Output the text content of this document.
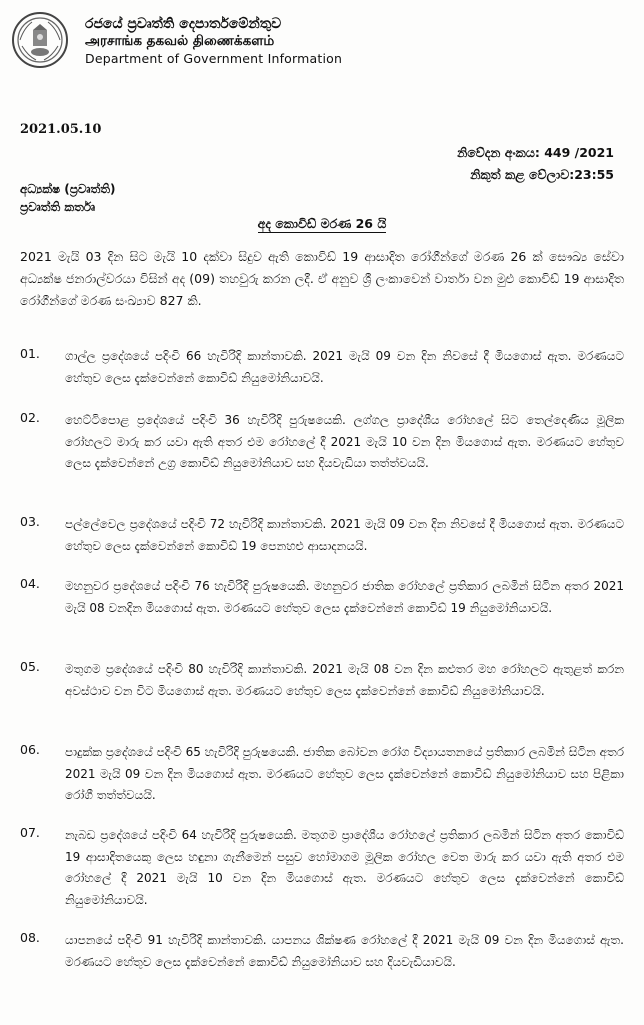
රජයේ ප්‍රවෘත්ති දෙපාර්තමේන්තුව
அரசாங்க தகவல் திணைக்களம்
Department of Government Information
2021.05.10
නිවේදන අංකය: 449 /2021
නිකුත් කළ වේලාව:23:55
අධ්‍යක්ෂ (ප්‍රවෘත්ති)
ප්‍රවෘත්ති කර්තෘ
අද කොවිඩ් මරණ 26 යි
2021 මැයි 03 දින සිට මැයි 10 දක්වා සිදුව ඇති කොවිඩ් 19 ආසාදිත රෝගීන්ගේ මරණ 26 ක් සෞඛ්‍ය සේවා අධ්‍යක්ෂ ජනරාල්වරයා විසින් අද (09) තහවුරු කරන ලදී. ඒ අනුව ශ්‍රී ලංකාවෙන් වාර්තා වන මුළු කොවිඩ් 19 ආසාදිත රෝගීන්ගේ මරණ සංඛ්‍යාව 827 කි.
01. ගාල්ල ප්‍රදේශයේ පදිංචි 66 හැවිරිදි කාන්තාවකි. 2021 මැයි 09 වන දින නිවසේ දී මියගොස් ඇත. මරණයට හේතුව ලෙස දැක්වෙන්නේ කොවිඩ් නියුමෝනියාවයි.
02. හෙට්ටිපොළ ප්‍රදේශයේ පදිංචි 36 හැවිරිදි පුරුෂයෙකි. ලග්ගල ප්‍රාදේශීය රෝහලේ සිට තෙල්දෙණිය මූලික රෝහලට මාරු කර යවා ඇති අතර එම රෝහලේ දී 2021 මැයි 10 වන දින මියගොස් ඇත. මරණයට හේතුව ලෙස දැක්වෙන්නේ උග්‍ර කොවිඩ් නියුමෝනියාව සහ දියවැඩියා තත්ත්වයයි.
03. පල්ලේවෙල ප්‍රදේශයේ පදිංචි 72 හැවිරිදි කාන්තාවකි. 2021 මැයි 09 වන දින නිවසේ දී මියගොස් ඇත. මරණයට හේතුව ලෙස දැක්වෙන්නේ කොවිඩ් 19 පෙනහළු ආසාදනයයි.
04. මහනුවර ප්‍රදේශයේ පදිංචි 76 හැවිරිදි පුරුෂයෙකි. මහනුවර ජාතික රෝහලේ ප්‍රතිකාර ලබමින් සිටින අතර 2021 මැයි 08 වනදින මියගොස් ඇත. මරණයට හේතුව ලෙස දැක්වෙන්නේ කොවිඩ් 19 නියුමෝනියාවයි.
05. මතුගම ප්‍රදේශයේ පදිංචි 80 හැවිරිදි කාන්තාවකි. 2021 මැයි 08 වන දින කළුතර මහ රෝහලට ඇතුළත් කරන අවස්ථාව වන විට මියගොස් ඇත. මරණයට හේතුව ලෙස දැක්වෙන්නේ කොවිඩ් නියුමෝනියාවයි.
06. පාදුක්ක ප්‍රදේශයේ පදිංචි 65 හැවිරිදි පුරුෂයෙකි. ජාතික බෝවන රෝග විද්‍යායතනයේ ප්‍රතිකාර ලබමින් සිටින අතර 2021 මැයි 09 වන දින මියගොස් ඇත. මරණයට හේතුව ලෙස දැක්වෙන්නේ කොවිඩ් නියුමෝනියාව සහ පිළිකා රෝගී තත්ත්වයයි.
07. නැබඩ ප්‍රදේශයේ පදිංචි 64 හැවිරිදි පුරුෂයෙකි. මතුගම ප්‍රාදේශීය රෝහලේ ප්‍රතිකාර ලබමින් සිටින අතර කොවිඩ් 19 ආසාදිතයෙකු ලෙස හඳුනා ගැනීමෙන් පසුව හෝමාගම මූලික රෝහල වෙත මාරු කර යවා ඇති අතර එම රෝහලේ දී 2021 මැයි 10 වන දින මියගොස් ඇත. මරණයට හේතුව ලෙස දැක්වෙන්නේ කොවිඩ් නියුමෝනියාවයි.
08. යාපනයේ පදිංචි 91 හැවිරිදි කාන්තාවකි. යාපනය ශික්ෂණ රෝහලේ දී 2021 මැයි 09 වන දින මියගොස් ඇත. මරණයට හේතුව ලෙස දැක්වෙන්නේ කොවිඩ් නියුමෝනියාව සහ දියවැඩියාවයි.
